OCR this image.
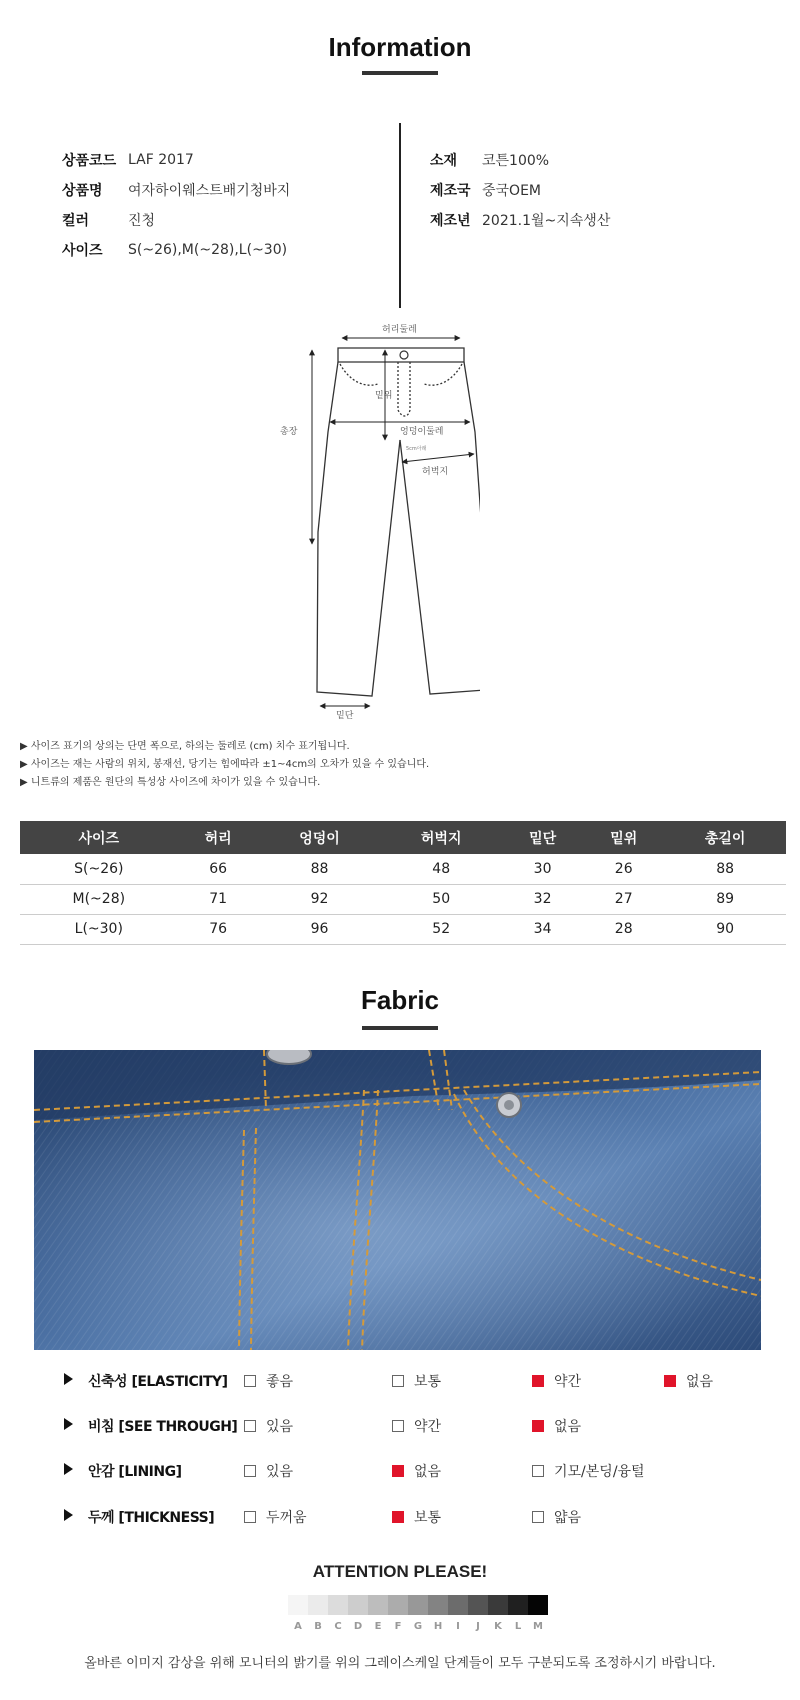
Information
상품코드 LAF 2017
상품명	여자하이웨스트배기청바지
컬러	진청
사이즈	S(~26),M(~28),L(~30)
소재	코튼100%
제조국 중국OEM
제조년 2021.1월~지속생산
허리둘레
밑위
엉덩이둘레
허벅지
총장
밑단
5cm아래
▶ 사이즈 표기의 상의는 단면 폭으로, 하의는 둘레로 (cm) 치수 표기됩니다.
▶ 사이즈는 재는 사람의 위치, 봉재선, 당기는 힘에따라 ±1~4cm의 오차가 있을 수 있습니다.
▶ 니트류의 제품은 원단의 특성상 사이즈에 차이가 있을 수 있습니다.
사이즈	허리	엉덩이	허벅지	밑단	밑위	총길이
S(~26)	66	88	48	30	26	88
M(~28)	71	92	50	32	27	89
L(~30)	76	96	52	34	28	90
Fabric
신축성 [ELASTICITY]	좋음	보통	약간	없음
비침 [SEE THROUGH] 있음	약간	없음
안감 [LINING]	있음	없음	기모/본딩/융털
두께 [THICKNESS]	두꺼움	보통	얇음
ATTENTION PLEASE!
A	B	C	D	E	F	G	H	I	J	K	L	M
올바른 이미지 감상을 위해 모니터의 밝기를 위의 그레이스케일 단계들이 모두 구분되도록 조정하시기 바랍니다.
